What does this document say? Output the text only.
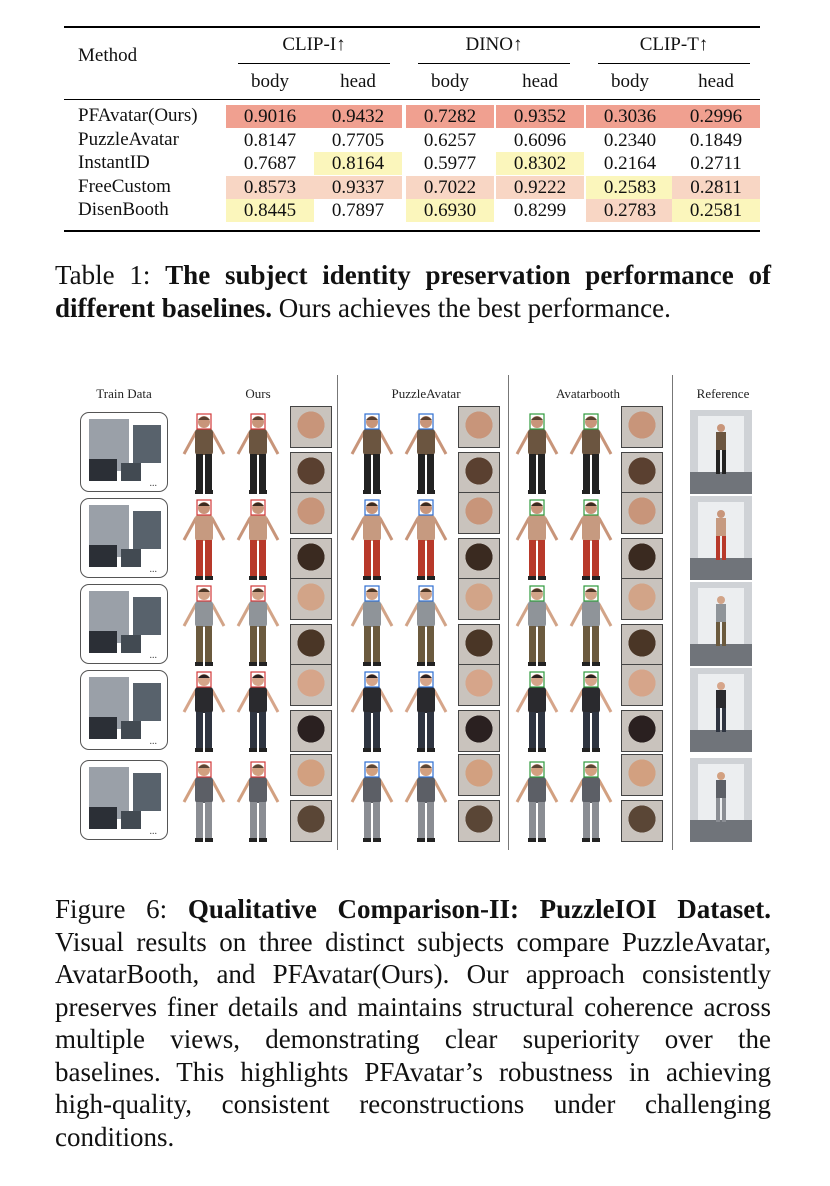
Method
CLIP-I↑	DINO↑	CLIP-T↑
body	head	body	head	body	head
PFAvatar(Ours)	0.9016	0.9432	0.7282	0.9352	0.3036	0.2996
PuzzleAvatar	0.8147	0.7705	0.6257	0.6096	0.2340	0.1849
InstantID	0.7687	0.8164	0.5977	0.8302	0.2164	0.2711
FreeCustom	0.8573	0.9337	0.7022	0.9222	0.2583	0.2811
DisenBooth	0.8445	0.7897	0.6930	0.8299	0.2783	0.2581
Table 1: The subject identity preservation performance of different baselines. Ours achieves the best performance.
Train Data	Ours	PuzzleAvatar	Avatarbooth	Reference
...
...
...
...
...
Figure 6: Qualitative Comparison-II: PuzzleIOI Dataset. Visual results on three distinct subjects compare PuzzleAvatar, AvatarBooth, and PFAvatar(Ours). Our approach consistently preserves finer details and maintains structural coherence across multiple views, demonstrating clear superiority over the baselines. This highlights PFAvatar’s robustness in achieving high-quality, consistent reconstructions under challenging conditions.
